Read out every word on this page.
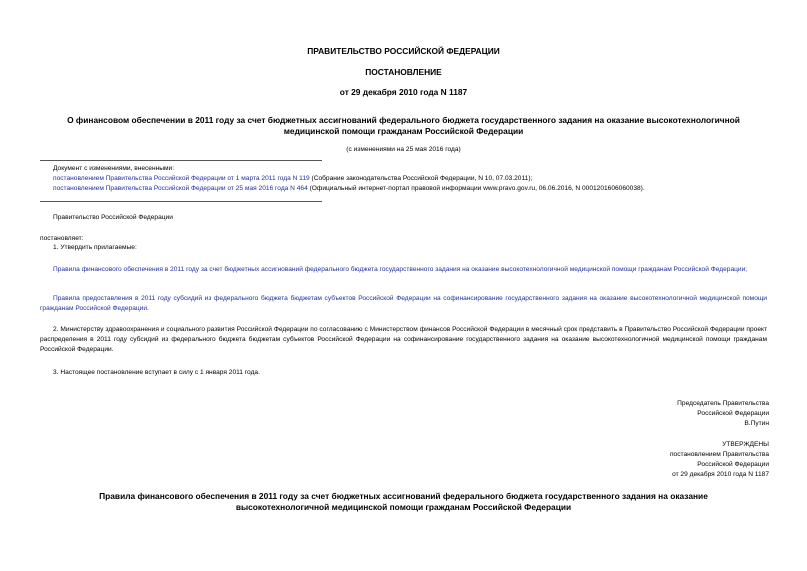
ПРАВИТЕЛЬСТВО РОССИЙСКОЙ ФЕДЕРАЦИИ
ПОСТАНОВЛЕНИЕ
от 29 декабря 2010 года N 1187
О финансовом обеспечении в 2011 году за счет бюджетных ассигнований федерального бюджета государственного задания на оказание высокотехнологичной
медицинской помощи гражданам Российской Федерации
(с изменениями на 25 мая 2016 года)
Документ с изменениями, внесенными:
постановлением Правительства Российской Федерации от 1 марта 2011 года N 119 (Собрание законодательства Российской Федерации, N 10, 07.03.2011);
постановлением Правительства Российской Федерации от 25 мая 2016 года N 464 (Официальный интернет-портал правовой информации www.pravo.gov.ru, 06.06.2016, N 0001201606060038).
Правительство Российской Федерации
постановляет:
1. Утвердить прилагаемые:
Правила финансового обеспечения в 2011 году за счет бюджетных ассигнований федерального бюджета государственного задания на оказание высокотехнологичной медицинской помощи гражданам Российской Федерации;
Правила предоставления в 2011 году субсидий из федерального бюджета бюджетам субъектов Российской Федерации на софинансирование государственного задания на оказание высокотехнологичной медицинской помощи гражданам Российской Федерации.
2. Министерству здравоохранения и социального развития Российской Федерации по согласованию с Министерством финансов Российской Федерации в месячный срок представить в Правительство Российской Федерации проект распределения в 2011 году субсидий из федерального бюджета бюджетам субъектов Российской Федерации на софинансирование государственного задания на оказание высокотехнологичной медицинской помощи гражданам Российской Федерации.
3. Настоящее постановление вступает в силу с 1 января 2011 года.
Председатель Правительства
Российской Федерации
В.Путин
УТВЕРЖДЕНЫ
постановлением Правительства
Российской Федерации
от 29 декабря 2010 года N 1187
Правила финансового обеспечения в 2011 году за счет бюджетных ассигнований федерального бюджета государственного задания на оказание
высокотехнологичной медицинской помощи гражданам Российской Федерации
